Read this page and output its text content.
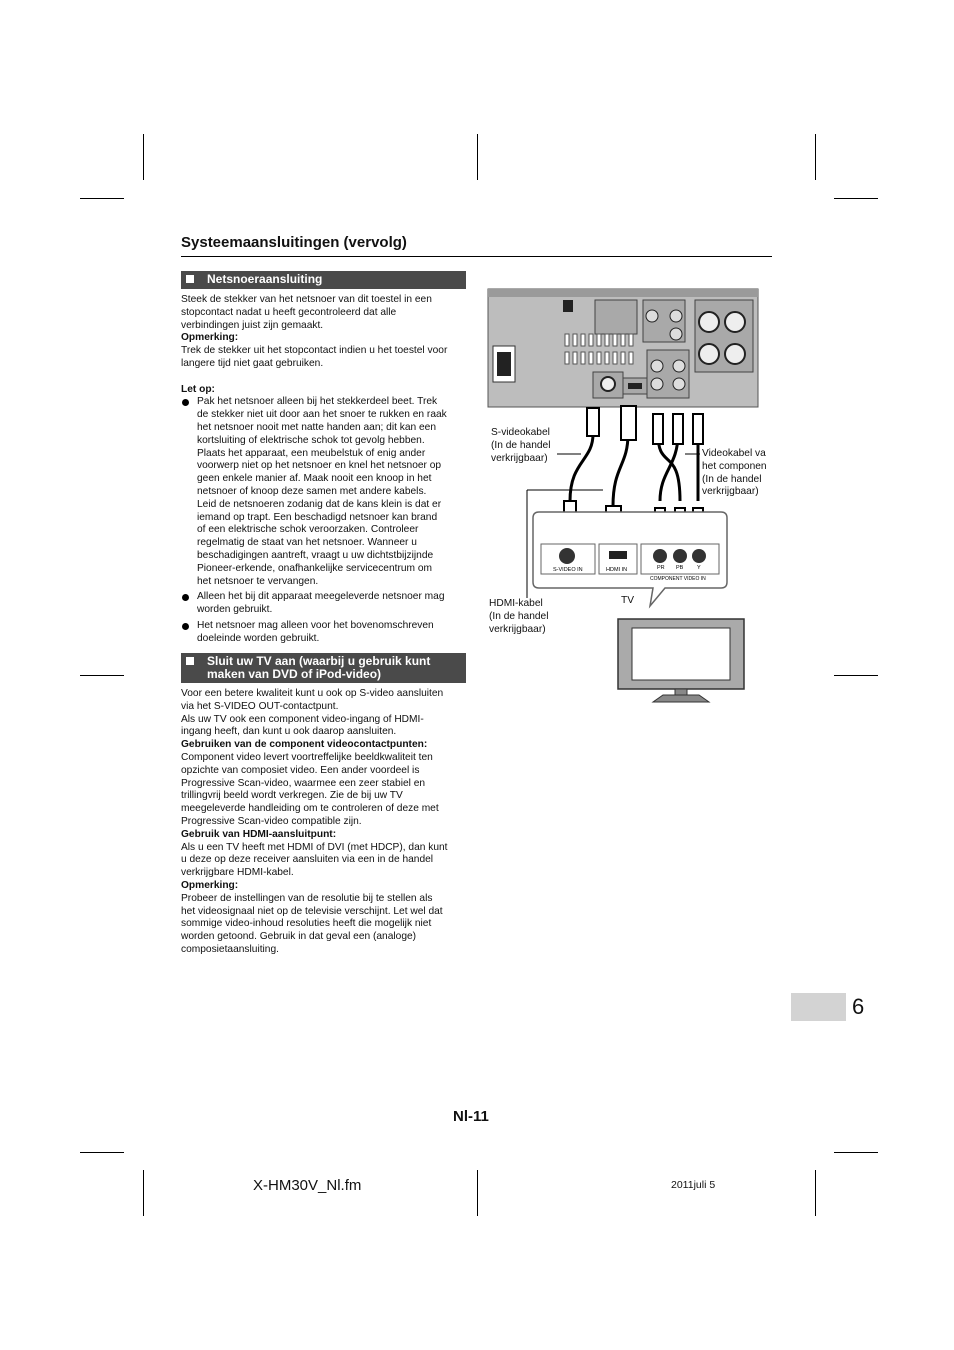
Systeemaansluitingen (vervolg)
Netsnoeraansluiting

Steek de stekker van het netsnoer van dit toestel in een

stopcontact nadat u heeft gecontroleerd dat alle

verbindingen juist zijn gemaakt.

Opmerking:

Trek de stekker uit het stopcontact indien u het toestel voor

langere tijd niet gaat gebruiken.

Let op:

Pak het netsnoer alleen bij het stekkerdeel beet. Trek

de stekker niet uit door aan het snoer te rukken en raak

het netsnoer nooit met natte handen aan; dit kan een

kortsluiting of elektrische schok tot gevolg hebben.

Plaats het apparaat, een meubelstuk of enig ander

voorwerp niet op het netsnoer en knel het netsnoer op

geen enkele manier af. Maak nooit een knoop in het

netsnoer of knoop deze samen met andere kabels.

Leid de netsnoeren zodanig dat de kans klein is dat er

iemand op trapt. Een beschadigd netsnoer kan brand

of een elektrische schok veroorzaken. Controleer

regelmatig de staat van het netsnoer. Wanneer u

beschadigingen aantreft, vraagt u uw dichtstbijzijnde

Pioneer-erkende, onafhankelijke servicecentrum om

het netsnoer te vervangen.

Alleen het bij dit apparaat meegeleverde netsnoer mag

worden gebruikt.

Het netsnoer mag alleen voor het bovenomschreven

doeleinde worden gebruikt.

Sluit uw TV aan (waarbij u gebruik kunt
maken van DVD of iPod-video)

Voor een betere kwaliteit kunt u ook op S-video aansluiten

via het S-VIDEO OUT-contactpunt.

Als uw TV ook een component video-ingang of HDMI-

ingang heeft, dan kunt u ook daarop aansluiten.

Gebruiken van de component videocontactpunten:

Component video levert voortreffelijke beeldkwaliteit ten

opzichte van composiet video. Een ander voordeel is

Progressive Scan-video, waarmee een zeer stabiel en

trillingvrij beeld wordt verkregen. Zie de bij uw TV

meegeleverde handleiding om te controleren of deze met

Progressive Scan-video compatible zijn.

Gebruik van HDMI-aansluitpunt:

Als u een TV heeft met HDMI of DVI (met HDCP), dan kunt

u deze op deze receiver aansluiten via een in de handel

verkrijgbare HDMI-kabel.

Opmerking:

Probeer de instellingen van de resolutie bij te stellen als

het videosignaal niet op de televisie verschijnt. Let wel dat

sommige video-inhoud resoluties heeft die mogelijk niet

worden getoond. Gebruik in dat geval een (analoge)

composietaansluiting.

S-VIDEO IN	HDMI IN	PR PB Y
COMPONENT VIDEO IN
S-videokabel
(In de handel
verkrijgbaar)	Videokabel va
het componen
(In de handel
verkrijgbaar)
HDMI-kabel
(In de handel
verkrijgbaar)
TV
6
Nl-11
X-HM30V_Nl.fm	2011juli 5
